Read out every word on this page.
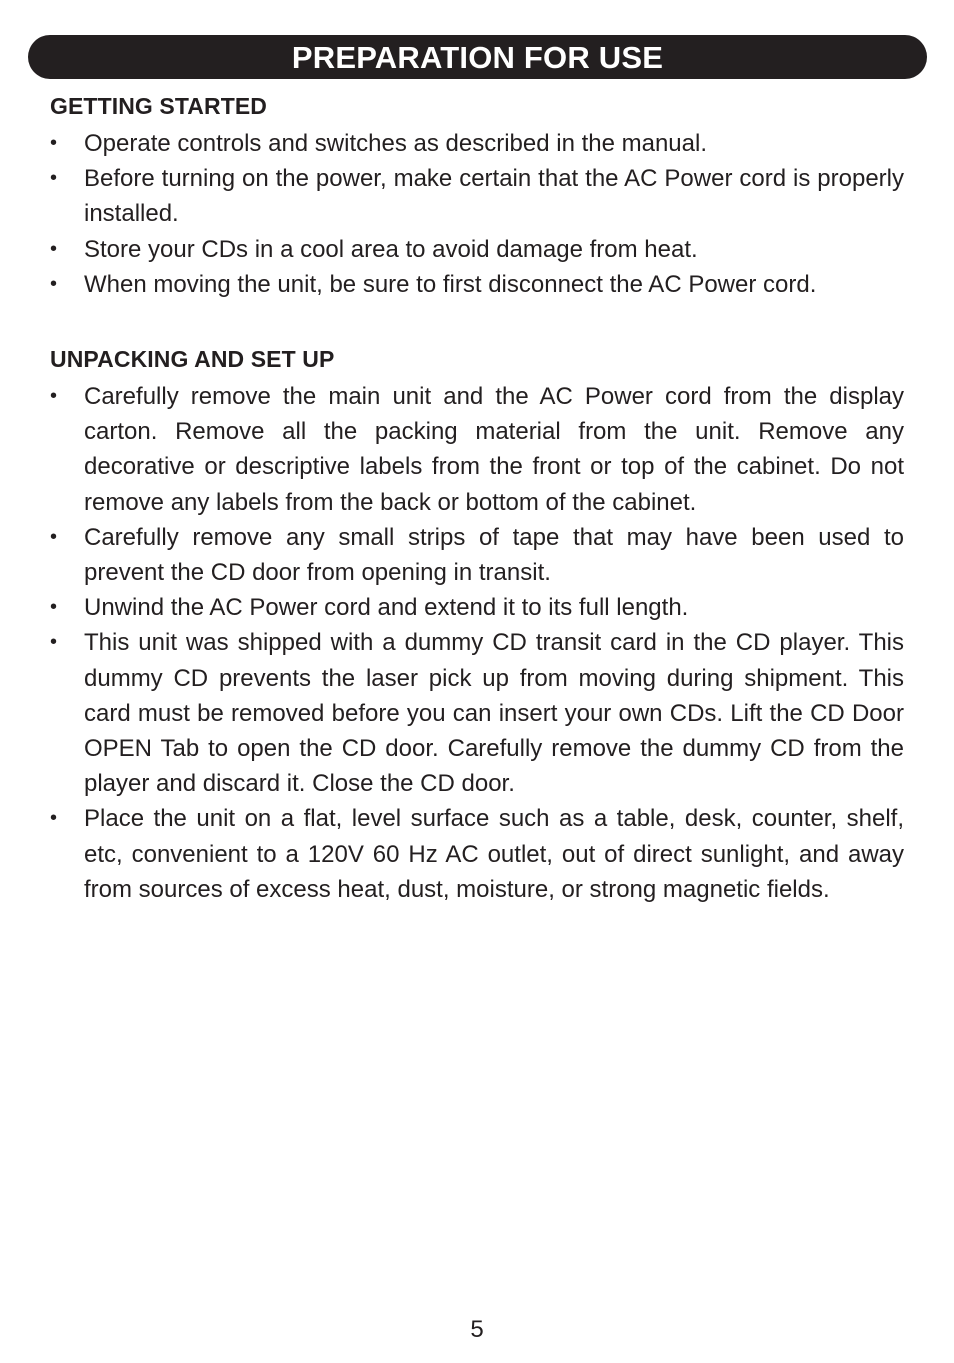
PREPARATION FOR USE
GETTING STARTED
• Operate controls and switches as described in the manual.
• Before turning on the power, make certain that the AC Power cord is properly installed.
• Store your CDs in a cool area to avoid damage from heat.
• When moving the unit, be sure to first disconnect the AC Power cord.
UNPACKING AND SET UP
• Carefully remove the main unit and the AC Power cord from the display carton. Remove all the packing material from the unit. Remove any decorative or descriptive labels from the front or top of the cabinet. Do not remove any labels from the back or bottom of the cabinet.
• Carefully remove any small strips of tape that may have been used to prevent the CD door from opening in transit.
• Unwind the AC Power cord and extend it to its full length.
• This unit was shipped with a dummy CD transit card in the CD player. This dummy CD prevents the laser pick up from moving during shipment. This card must be removed before you can insert your own CDs. Lift the CD Door OPEN Tab to open the CD door. Carefully remove the dummy CD from the player and discard it. Close the CD door.
• Place the unit on a flat, level surface such as a table, desk, counter, shelf, etc, convenient to a 120V 60 Hz AC outlet, out of direct sunlight, and away from sources of excess heat, dust, moisture, or strong magnetic fields.
5
